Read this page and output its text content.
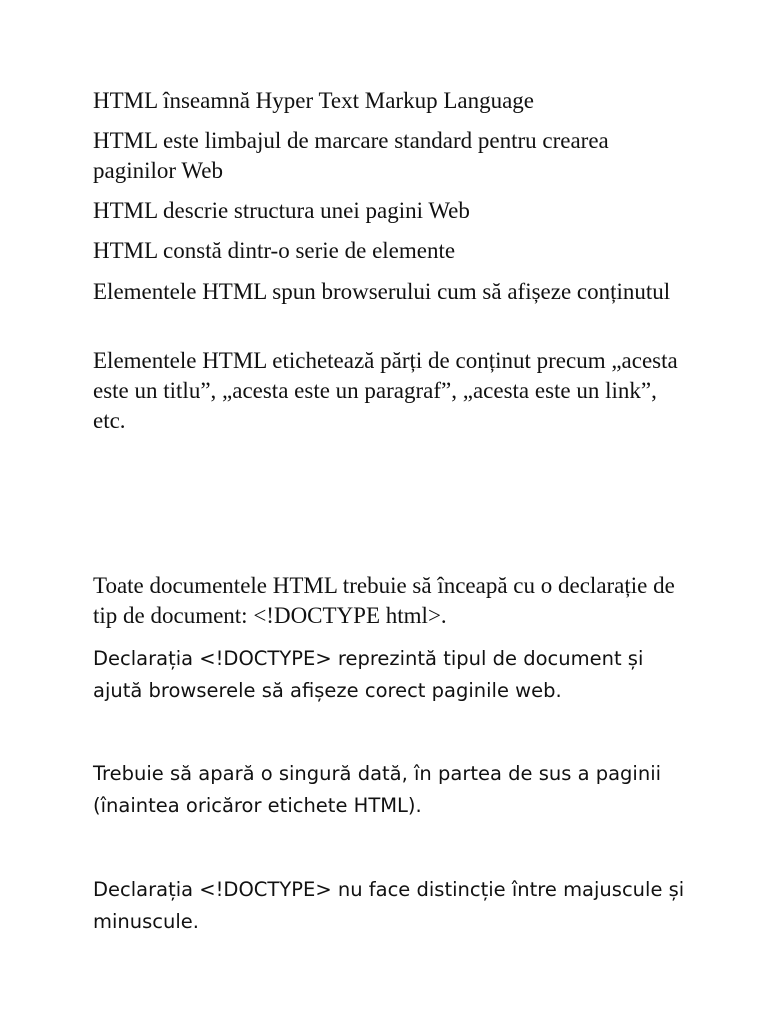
HTML înseamnă Hyper Text Markup Language

HTML este limbajul de marcare standard pentru crearea paginilor Web

HTML descrie structura unei pagini Web

HTML constă dintr-o serie de elemente

Elementele HTML spun browserului cum să afișeze conținutul

Elementele HTML etichetează părți de conținut precum „acesta este un titlu”, „acesta este un paragraf”, „acesta este un link”, etc.

Toate documentele HTML trebuie să înceapă cu o declarație de tip de document: <!DOCTYPE html>.

Declarația <!DOCTYPE> reprezintă tipul de document și ajută browserele să afișeze corect paginile web.

Trebuie să apară o singură dată, în partea de sus a paginii (înaintea oricăror etichete HTML).

Declarația <!DOCTYPE> nu face distincție între majuscule și minuscule.
